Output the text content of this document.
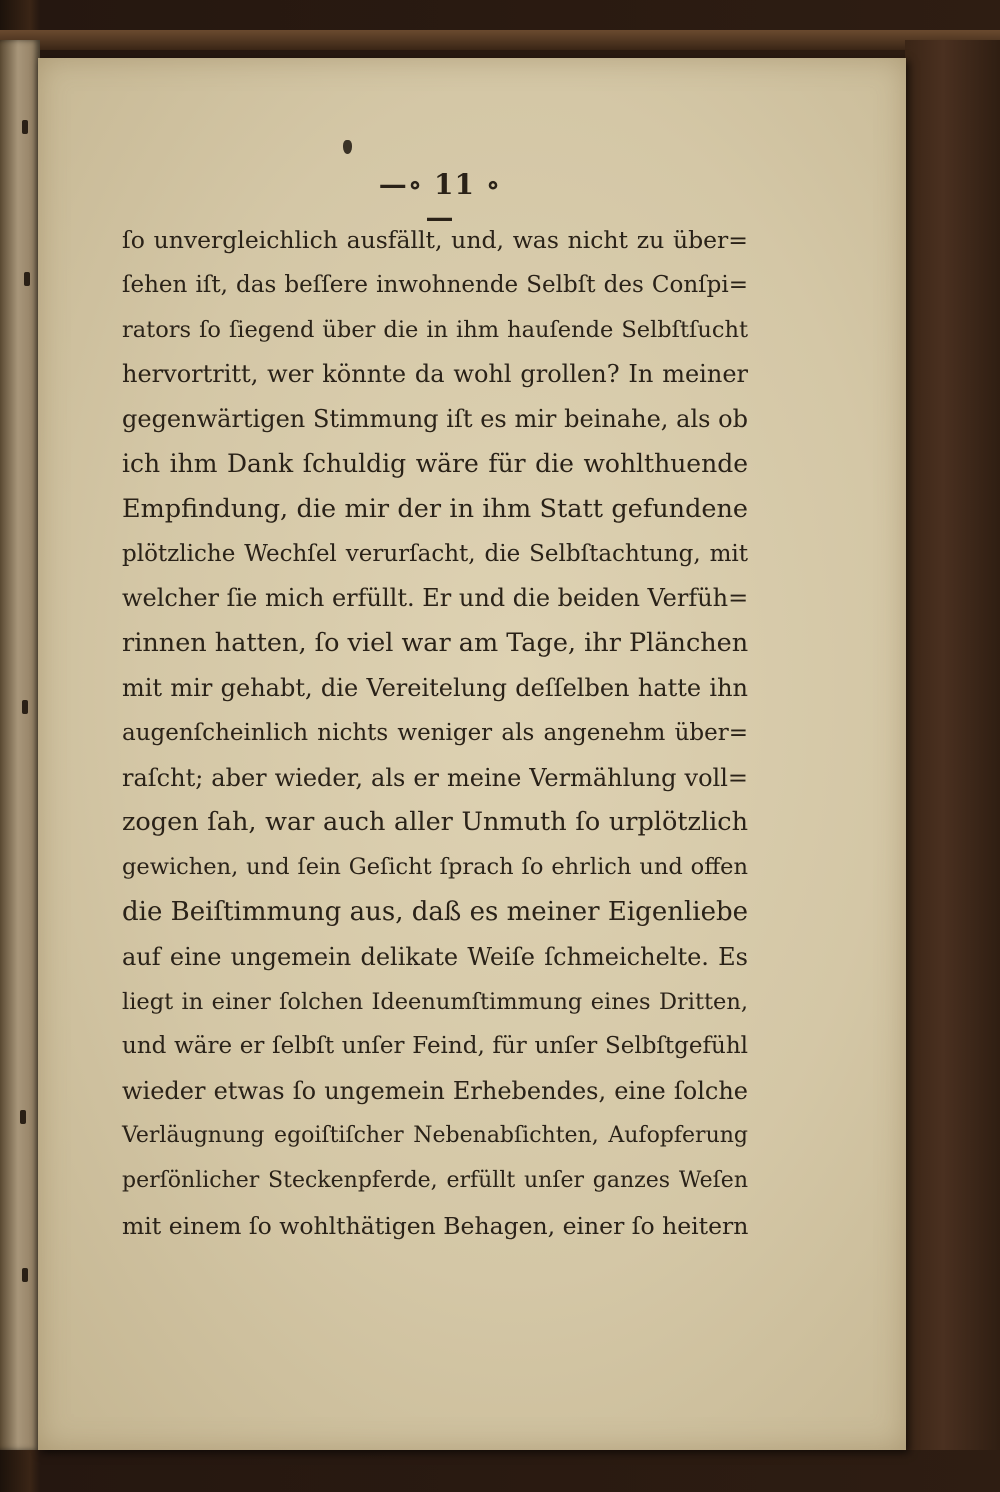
—∘ 11 ∘—
ſo unvergleichlich ausfällt, und, was nicht zu über=
ſehen iſt, das beſſere inwohnende Selbſt des Conſpi=
rators ſo ſiegend über die in ihm hauſende Selbſtſucht
hervortritt, wer könnte da wohl grollen? In meiner
gegenwärtigen Stimmung iſt es mir beinahe, als ob
ich ihm Dank ſchuldig wäre für die wohlthuende
Empfindung, die mir der in ihm Statt gefundene
plötzliche Wechſel verurſacht, die Selbſtachtung, mit
welcher ſie mich erfüllt. Er und die beiden Verfüh=
rinnen hatten, ſo viel war am Tage, ihr Plänchen
mit mir gehabt, die Vereitelung deſſelben hatte ihn
augenſcheinlich nichts weniger als angenehm über=
raſcht; aber wieder, als er meine Vermählung voll=
zogen ſah, war auch aller Unmuth ſo urplötzlich
gewichen, und ſein Geſicht ſprach ſo ehrlich und offen
die Beiſtimmung aus, daß es meiner Eigenliebe
auf eine ungemein delikate Weiſe ſchmeichelte. Es
liegt in einer ſolchen Ideenumſtimmung eines Dritten,
und wäre er ſelbſt unſer Feind, für unſer Selbſtgefühl
wieder etwas ſo ungemein Erhebendes, eine ſolche
Verläugnung egoiſtiſcher Nebenabſichten, Aufopferung
perſönlicher Steckenpferde, erfüllt unſer ganzes Weſen
mit einem ſo wohlthätigen Behagen, einer ſo heitern
